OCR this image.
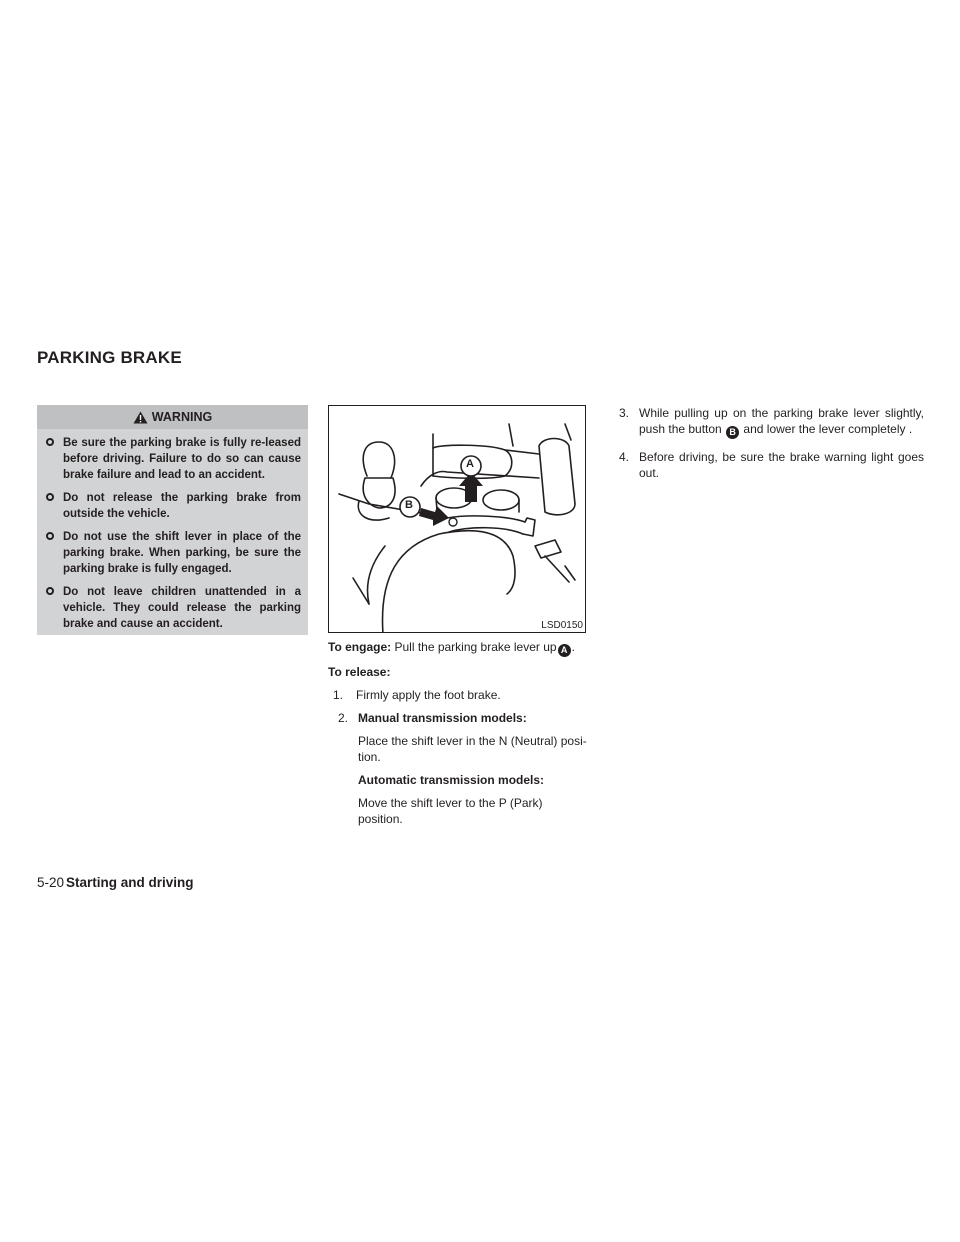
PARKING BRAKE
WARNING
Be sure the parking brake is fully re-leased before driving. Failure to do so can cause brake failure and lead to an accident.
Do not release the parking brake from outside the vehicle.
Do not use the shift lever in place of the parking brake. When parking, be sure the parking brake is fully engaged.
Do not leave children unattended in a vehicle. They could release the parking brake and cause an accident.
A
B
LSD0150

To engage: Pull the parking brake lever up A .

To release:

1. Firmly apply the foot brake.

2. Manual transmission models:

Place the shift lever in the N (Neutral) posi-tion.

Automatic transmission models:

Move the shift lever to the P (Park) position.

3. While pulling up on the parking brake lever slightly, push the button B and lower the lever completely .
4. Before driving, be sure the brake warning light goes out.
5-20 Starting and driving
